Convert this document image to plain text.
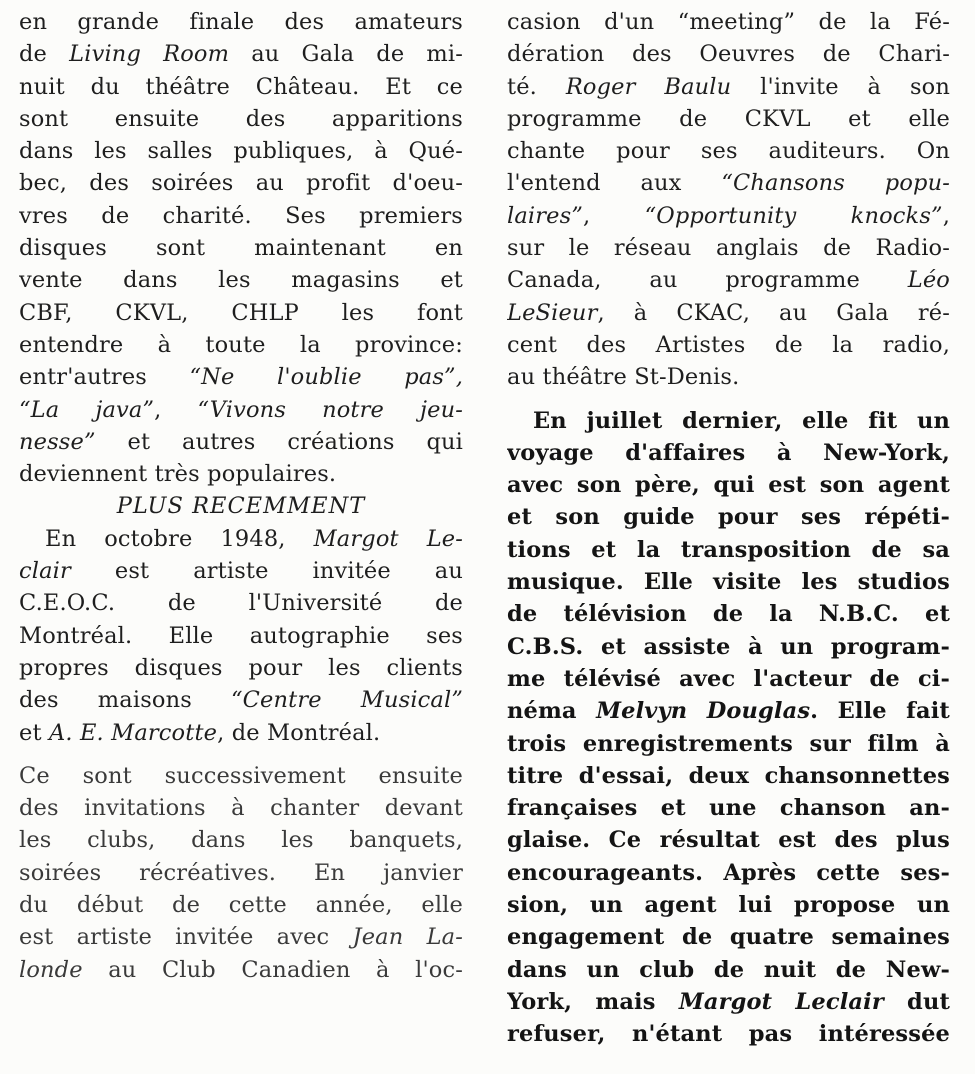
en grande finale des amateurs
de Living Room au Gala de mi-
nuit du théâtre Château. Et ce
sont ensuite des apparitions
dans les salles publiques, à Qué-
bec, des soirées au profit d'oeu-
vres de charité. Ses premiers
disques sont maintenant en
vente dans les magasins et
CBF, CKVL, CHLP les font
entendre à toute la province:
entr'autres “Ne l'oublie pas”,
“La java”, “Vivons notre jeu-
nesse” et autres créations qui
deviennent très populaires.
PLUS RECEMMENT
En octobre 1948, Margot Le-
clair est artiste invitée au
C.E.O.C. de l'Université de
Montréal. Elle autographie ses
propres disques pour les clients
des maisons “Centre Musical”
et A. E. Marcotte, de Montréal.
Ce sont successivement ensuite
des invitations à chanter devant
les clubs, dans les banquets,
soirées récréatives. En janvier
du début de cette année, elle
est artiste invitée avec Jean La-
londe au Club Canadien à l'oc-
casion d'un “meeting” de la Fé-
dération des Oeuvres de Chari-
té. Roger Baulu l'invite à son
programme de CKVL et elle
chante pour ses auditeurs. On
l'entend aux “Chansons popu-
laires”, “Opportunity knocks”,
sur le réseau anglais de Radio-
Canada, au programme Léo
LeSieur, à CKAC, au Gala ré-
cent des Artistes de la radio,
au théâtre St-Denis.
En juillet dernier, elle fit un
voyage d'affaires à New-York,
avec son père, qui est son agent
et son guide pour ses répéti-
tions et la transposition de sa
musique. Elle visite les studios
de télévision de la N.B.C. et
C.B.S. et assiste à un program-
me télévisé avec l'acteur de ci-
néma Melvyn Douglas. Elle fait
trois enregistrements sur film à
titre d'essai, deux chansonnettes
françaises et une chanson an-
glaise. Ce résultat est des plus
encourageants. Après cette ses-
sion, un agent lui propose un
engagement de quatre semaines
dans un club de nuit de New-
York, mais Margot Leclair dut
refuser, n'étant pas intéressée
